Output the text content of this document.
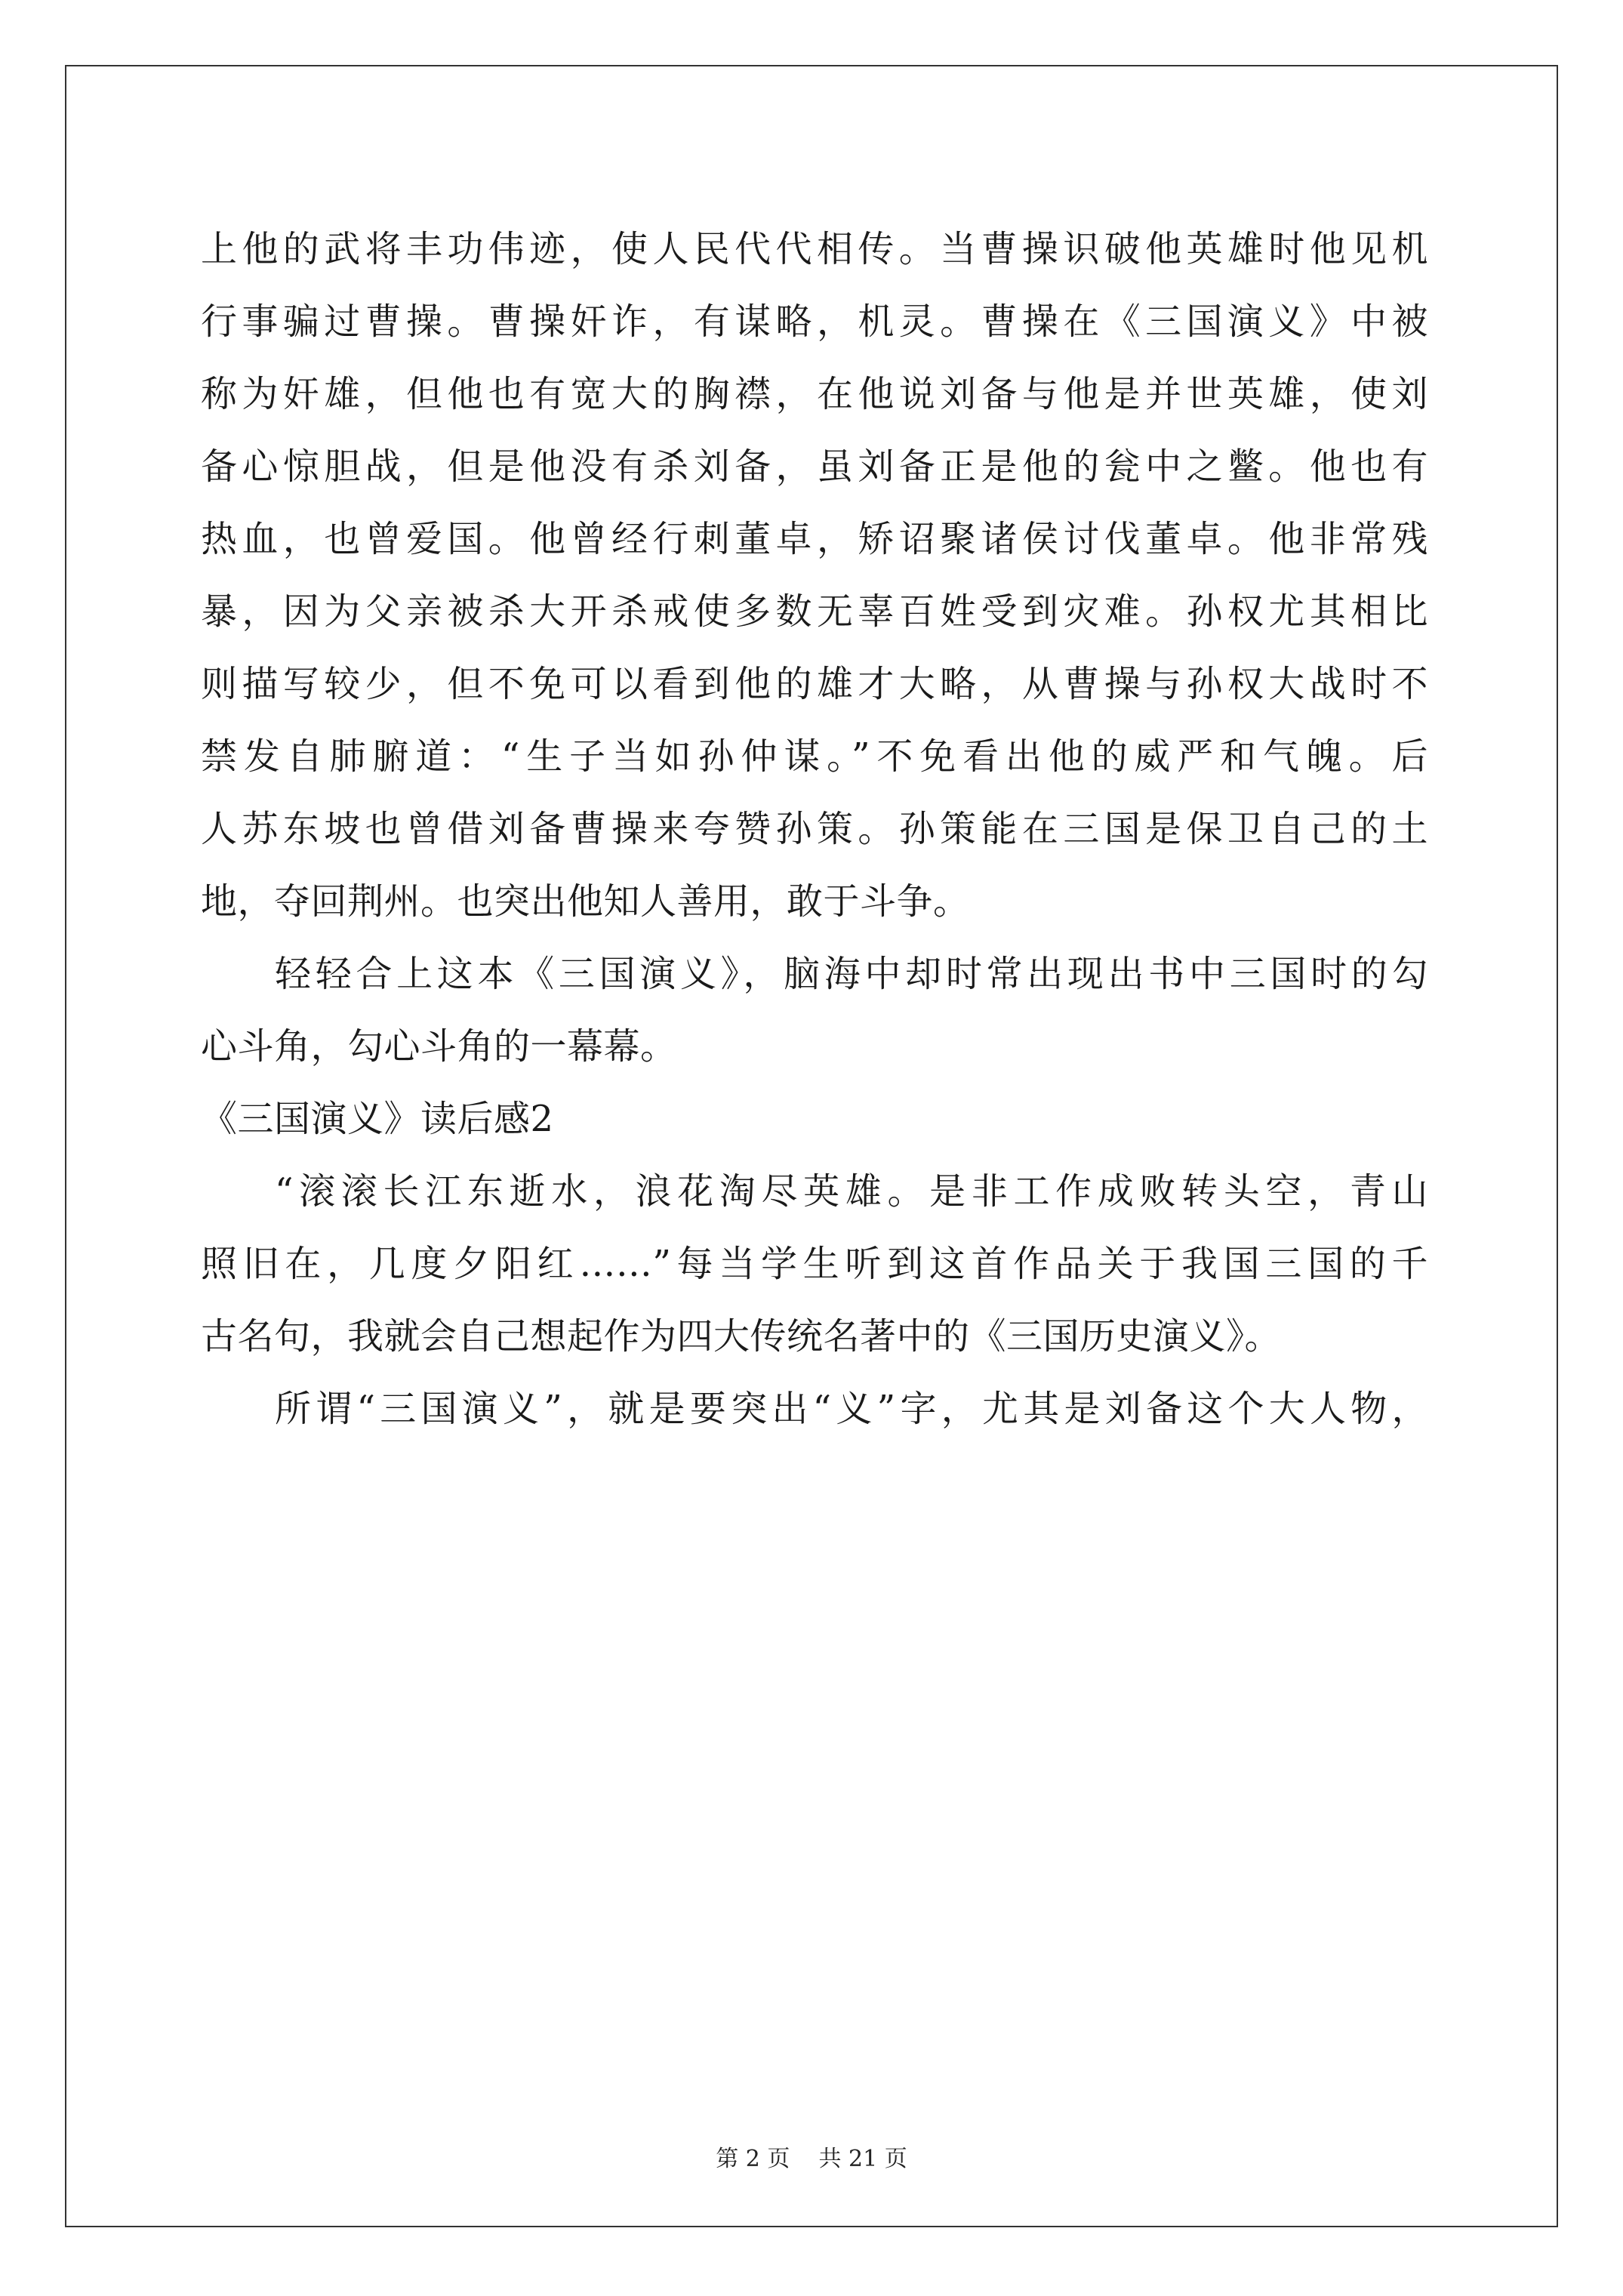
上他的武将丰功伟迹，使人民代代相传。当曹操识破他英雄时他见机
行事骗过曹操。曹操奸诈，有谋略，机灵。曹操在《三国演义》中被
称为奸雄，但他也有宽大的胸襟，在他说刘备与他是并世英雄，使刘
备心惊胆战，但是他没有杀刘备，虽刘备正是他的瓮中之鳖。他也有
热血，也曾爱国。他曾经行刺董卓，矫诏聚诸侯讨伐董卓。他非常残
暴，因为父亲被杀大开杀戒使多数无辜百姓受到灾难。孙权尤其相比
则描写较少，但不免可以看到他的雄才大略，从曹操与孙权大战时不
禁发自肺腑道：“生子当如孙仲谋。”不免看出他的威严和气魄。后
人苏东坡也曾借刘备曹操来夸赞孙策。孙策能在三国是保卫自己的土
地，夺回荆州。也突出他知人善用，敢于斗争。
轻轻合上这本《三国演义》，脑海中却时常出现出书中三国时的勾
心斗角，勾心斗角的一幕幕。
《三国演义》读后感2
“滚滚长江东逝水，浪花淘尽英雄。是非工作成败转头空，青山
照旧在，几度夕阳红……”每当学生听到这首作品关于我国三国的千
古名句，我就会自己想起作为四大传统名著中的《三国历史演义》。
所谓“三国演义”，就是要突出“义”字，尤其是刘备这个大人物，
第 2 页    共 21 页
